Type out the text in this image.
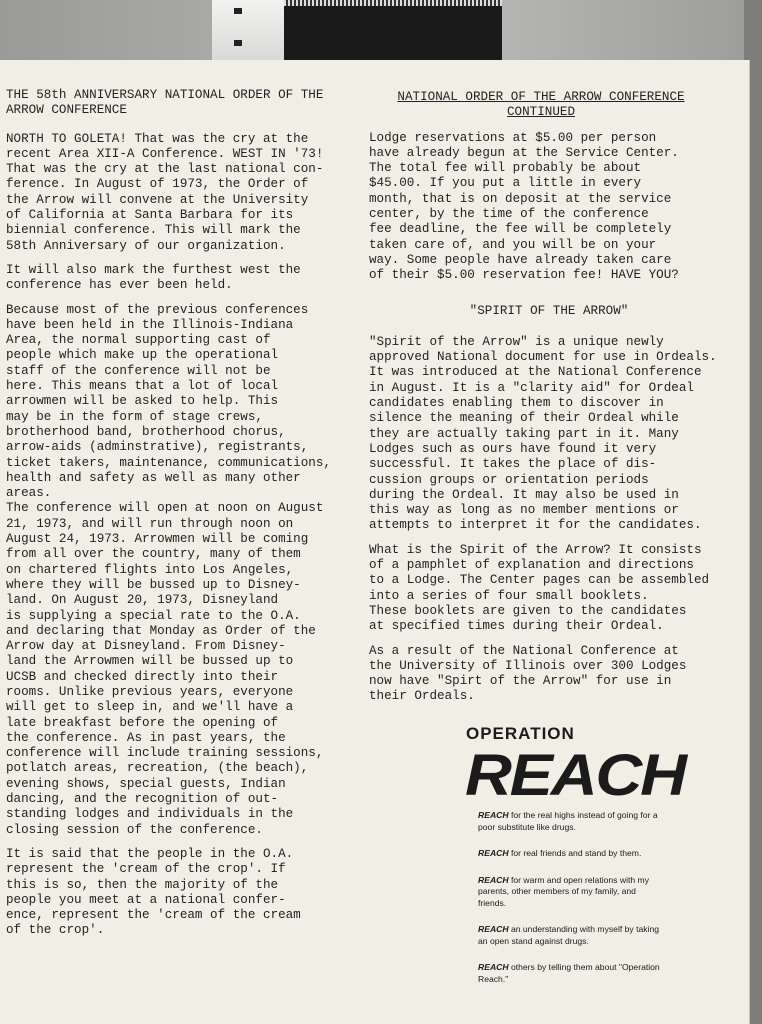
THE 58th ANNIVERSARY NATIONAL ORDER OF THE
ARROW CONFERENCE

NORTH TO GOLETA! That was the cry at the
recent Area XII-A Conference. WEST IN '73!
That was the cry at the last national con-
ference. In August of 1973, the Order of
the Arrow will convene at the University
of California at Santa Barbara for its
biennial conference. This will mark the
58th Anniversary of our organization.

It will also mark the furthest west the
conference has ever been held.

Because most of the previous conferences
have been held in the Illinois-Indiana
Area, the normal supporting cast of
people which make up the operational
staff of the conference will not be
here. This means that a lot of local
arrowmen will be asked to help. This
may be in the form of stage crews,
brotherhood band, brotherhood chorus,
arrow-aids (adminstrative), registrants,
ticket takers, maintenance, communications,
health and safety as well as many other
areas.

The conference will open at noon on August
21, 1973, and will run through noon on
August 24, 1973. Arrowmen will be coming
from all over the country, many of them
on chartered flights into Los Angeles,
where they will be bussed up to Disney-
land. On August 20, 1973, Disneyland
is supplying a special rate to the O.A.
and declaring that Monday as Order of the
Arrow day at Disneyland. From Disney-
land the Arrowmen will be bussed up to
UCSB and checked directly into their
rooms. Unlike previous years, everyone
will get to sleep in, and we'll have a
late breakfast before the opening of
the conference. As in past years, the
conference will include training sessions,
potlatch areas, recreation, (the beach),
evening shows, special guests, Indian
dancing, and the recognition of out-
standing lodges and individuals in the
closing session of the conference.

It is said that the people in the O.A.
represent the 'cream of the crop'. If
this is so, then the majority of the
people you meet at a national confer-
ence, represent the 'cream of the cream
of the crop'.

NATIONAL ORDER OF THE ARROW CONFERENCE
CONTINUED

Lodge reservations at $5.00 per person
have already begun at the Service Center.
The total fee will probably be about
$45.00. If you put a little in every
month, that is on deposit at the service
center, by the time of the conference
fee deadline, the fee will be completely
taken care of, and you will be on your
way. Some people have already taken care
of their $5.00 reservation fee! HAVE YOU?

"SPIRIT OF THE ARROW"

"Spirit of the Arrow" is a unique newly
approved National document for use in Ordeals.
It was introduced at the National Conference
in August. It is a "clarity aid" for Ordeal
candidates enabling them to discover in
silence the meaning of their Ordeal while
they are actually taking part in it. Many
Lodges such as ours have found it very
successful. It takes the place of dis-
cussion groups or orientation periods
during the Ordeal. It may also be used in
this way as long as no member mentions or
attempts to interpret it for the candidates.

What is the Spirit of the Arrow? It consists
of a pamphlet of explanation and directions
to a Lodge. The Center pages can be assembled
into a series of four small booklets.
These booklets are given to the candidates
at specified times during their Ordeal.

As a result of the National Conference at
the University of Illinois over 300 Lodges
now have "Spirt of the Arrow" for use in
their Ordeals.

OPERATION
REACH
REACH for the real highs instead of going for a poor substitute like drugs.
REACH for real friends and stand by them.
REACH for warm and open relations with my parents, other members of my family, and friends.
REACH an understanding with myself by taking an open stand against drugs.
REACH others by telling them about "Operation Reach."
